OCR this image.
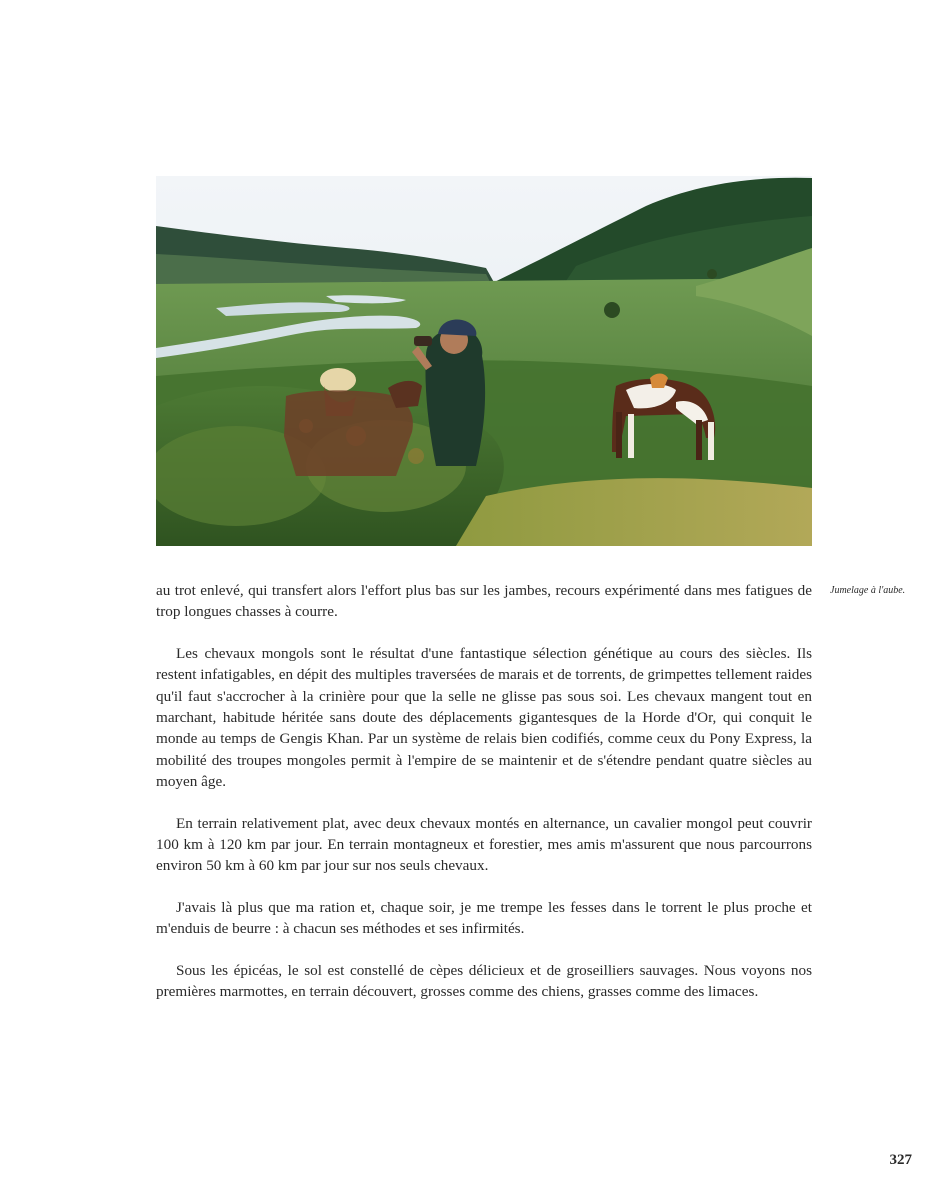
Jumelage à l'aube.

au trot enlevé, qui transfert alors l'effort plus bas sur les jambes, recours expérimenté dans mes fatigues de trop longues chasses à courre.

Les chevaux mongols sont le résultat d'une fantastique sélection génétique au cours des siècles. Ils restent infatigables, en dépit des multiples traversées de marais et de torrents, de grimpettes tellement raides qu'il faut s'accrocher à la crinière pour que la selle ne glisse pas sous soi. Les chevaux mangent tout en marchant, habitude héritée sans doute des déplacements gigantesques de la Horde d'Or, qui conquit le monde au temps de Gengis Khan. Par un système de relais bien codifiés, comme ceux du Pony Express, la mobilité des troupes mongoles permit à l'empire de se maintenir et de s'étendre pendant quatre siècles au moyen âge.

En terrain relativement plat, avec deux chevaux montés en alternance, un cavalier mongol peut couvrir 100 km à 120 km par jour. En terrain montagneux et forestier, mes amis m'assurent que nous parcourrons environ 50 km à 60 km par jour sur nos seuls chevaux.

J'avais là plus que ma ration et, chaque soir, je me trempe les fesses dans le torrent le plus proche et m'enduis de beurre : à chacun ses méthodes et ses infirmités.

Sous les épicéas, le sol est constellé de cèpes délicieux et de groseilliers sauvages. Nous voyons nos premières marmottes, en terrain découvert, grosses comme des chiens, grasses comme des limaces.

327
